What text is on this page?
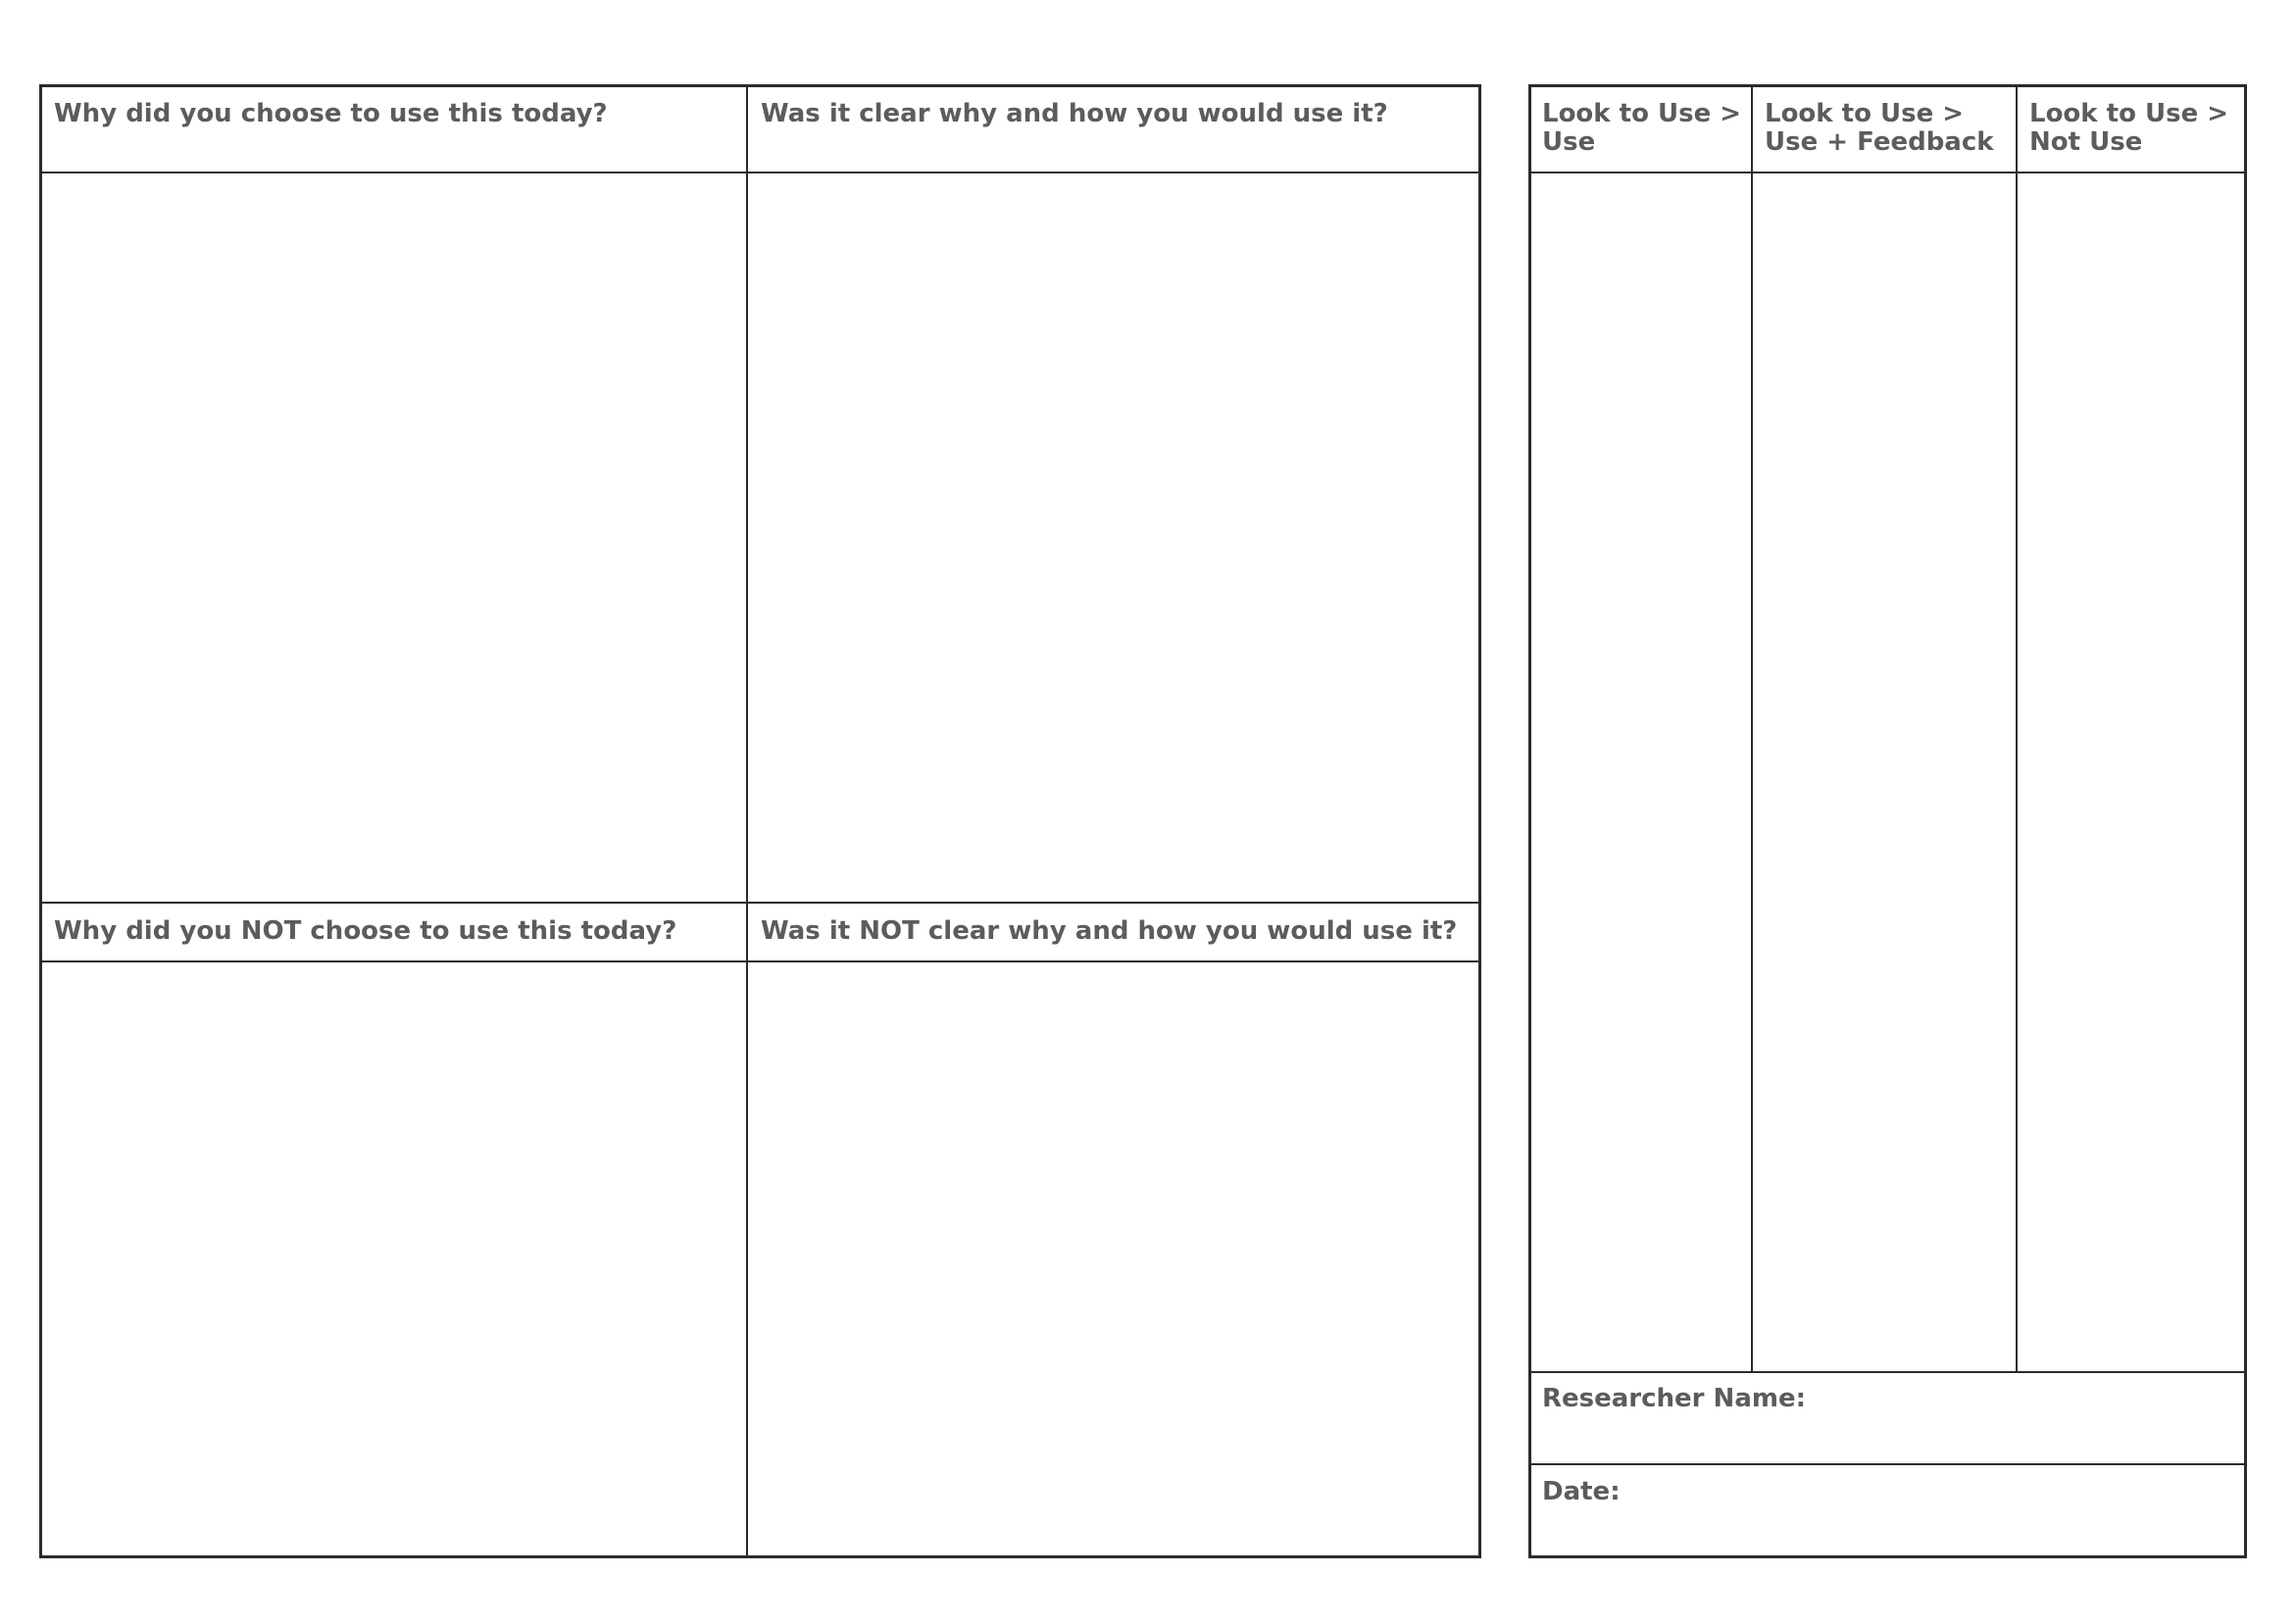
Why did you choose to use this today?	Was it clear why and how you would use it?

Why did you NOT choose to use this today?	Was it NOT clear why and how you would use it?

Look to Use >
Use

Look to Use >
Use + Feedback

Look to Use >
Not Use

Researcher Name:

Date:
